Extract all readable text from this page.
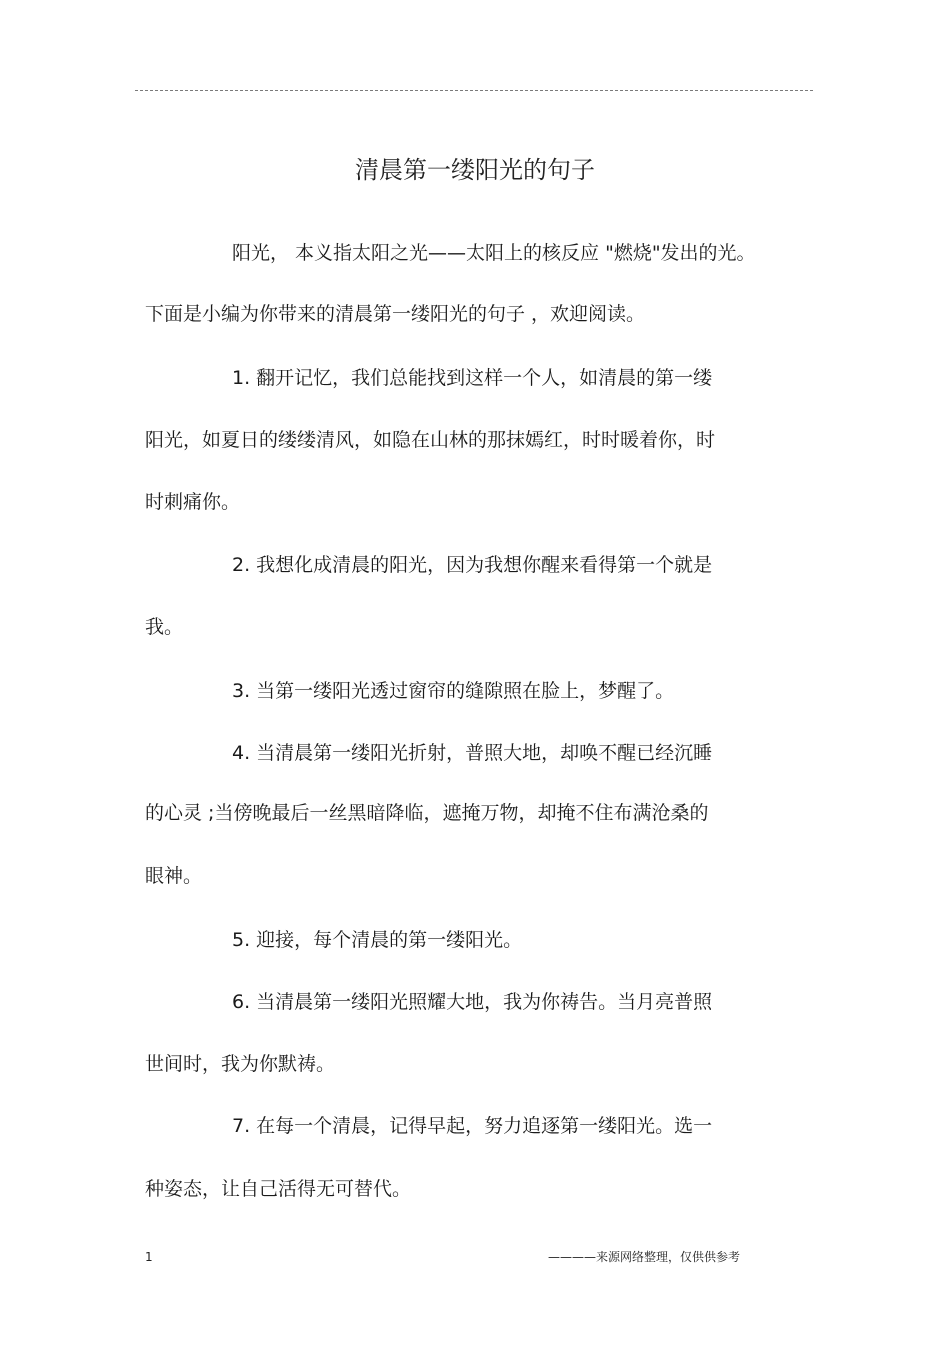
清晨第一缕阳光的句子
阳光， 本义指太阳之光——太阳上的核反应 "燃烧"发出的光。
下面是小编为你带来的清晨第一缕阳光的句子 ，欢迎阅读。
1. 翻开记忆，我们总能找到这样一个人，如清晨的第一缕
阳光，如夏日的缕缕清风，如隐在山林的那抹嫣红，时时暖着你，时
时刺痛你。
2. 我想化成清晨的阳光，因为我想你醒来看得第一个就是
我。
3. 当第一缕阳光透过窗帘的缝隙照在脸上，梦醒了。
4. 当清晨第一缕阳光折射，普照大地，却唤不醒已经沉睡
的心灵 ;当傍晚最后一丝黑暗降临，遮掩万物，却掩不住布满沧桑的
眼神。
5. 迎接，每个清晨的第一缕阳光。
6. 当清晨第一缕阳光照耀大地，我为你祷告。当月亮普照
世间时，我为你默祷。
7. 在每一个清晨，记得早起，努力追逐第一缕阳光。选一
种姿态，让自己活得无可替代。
1	————来源网络整理，仅供供参考
